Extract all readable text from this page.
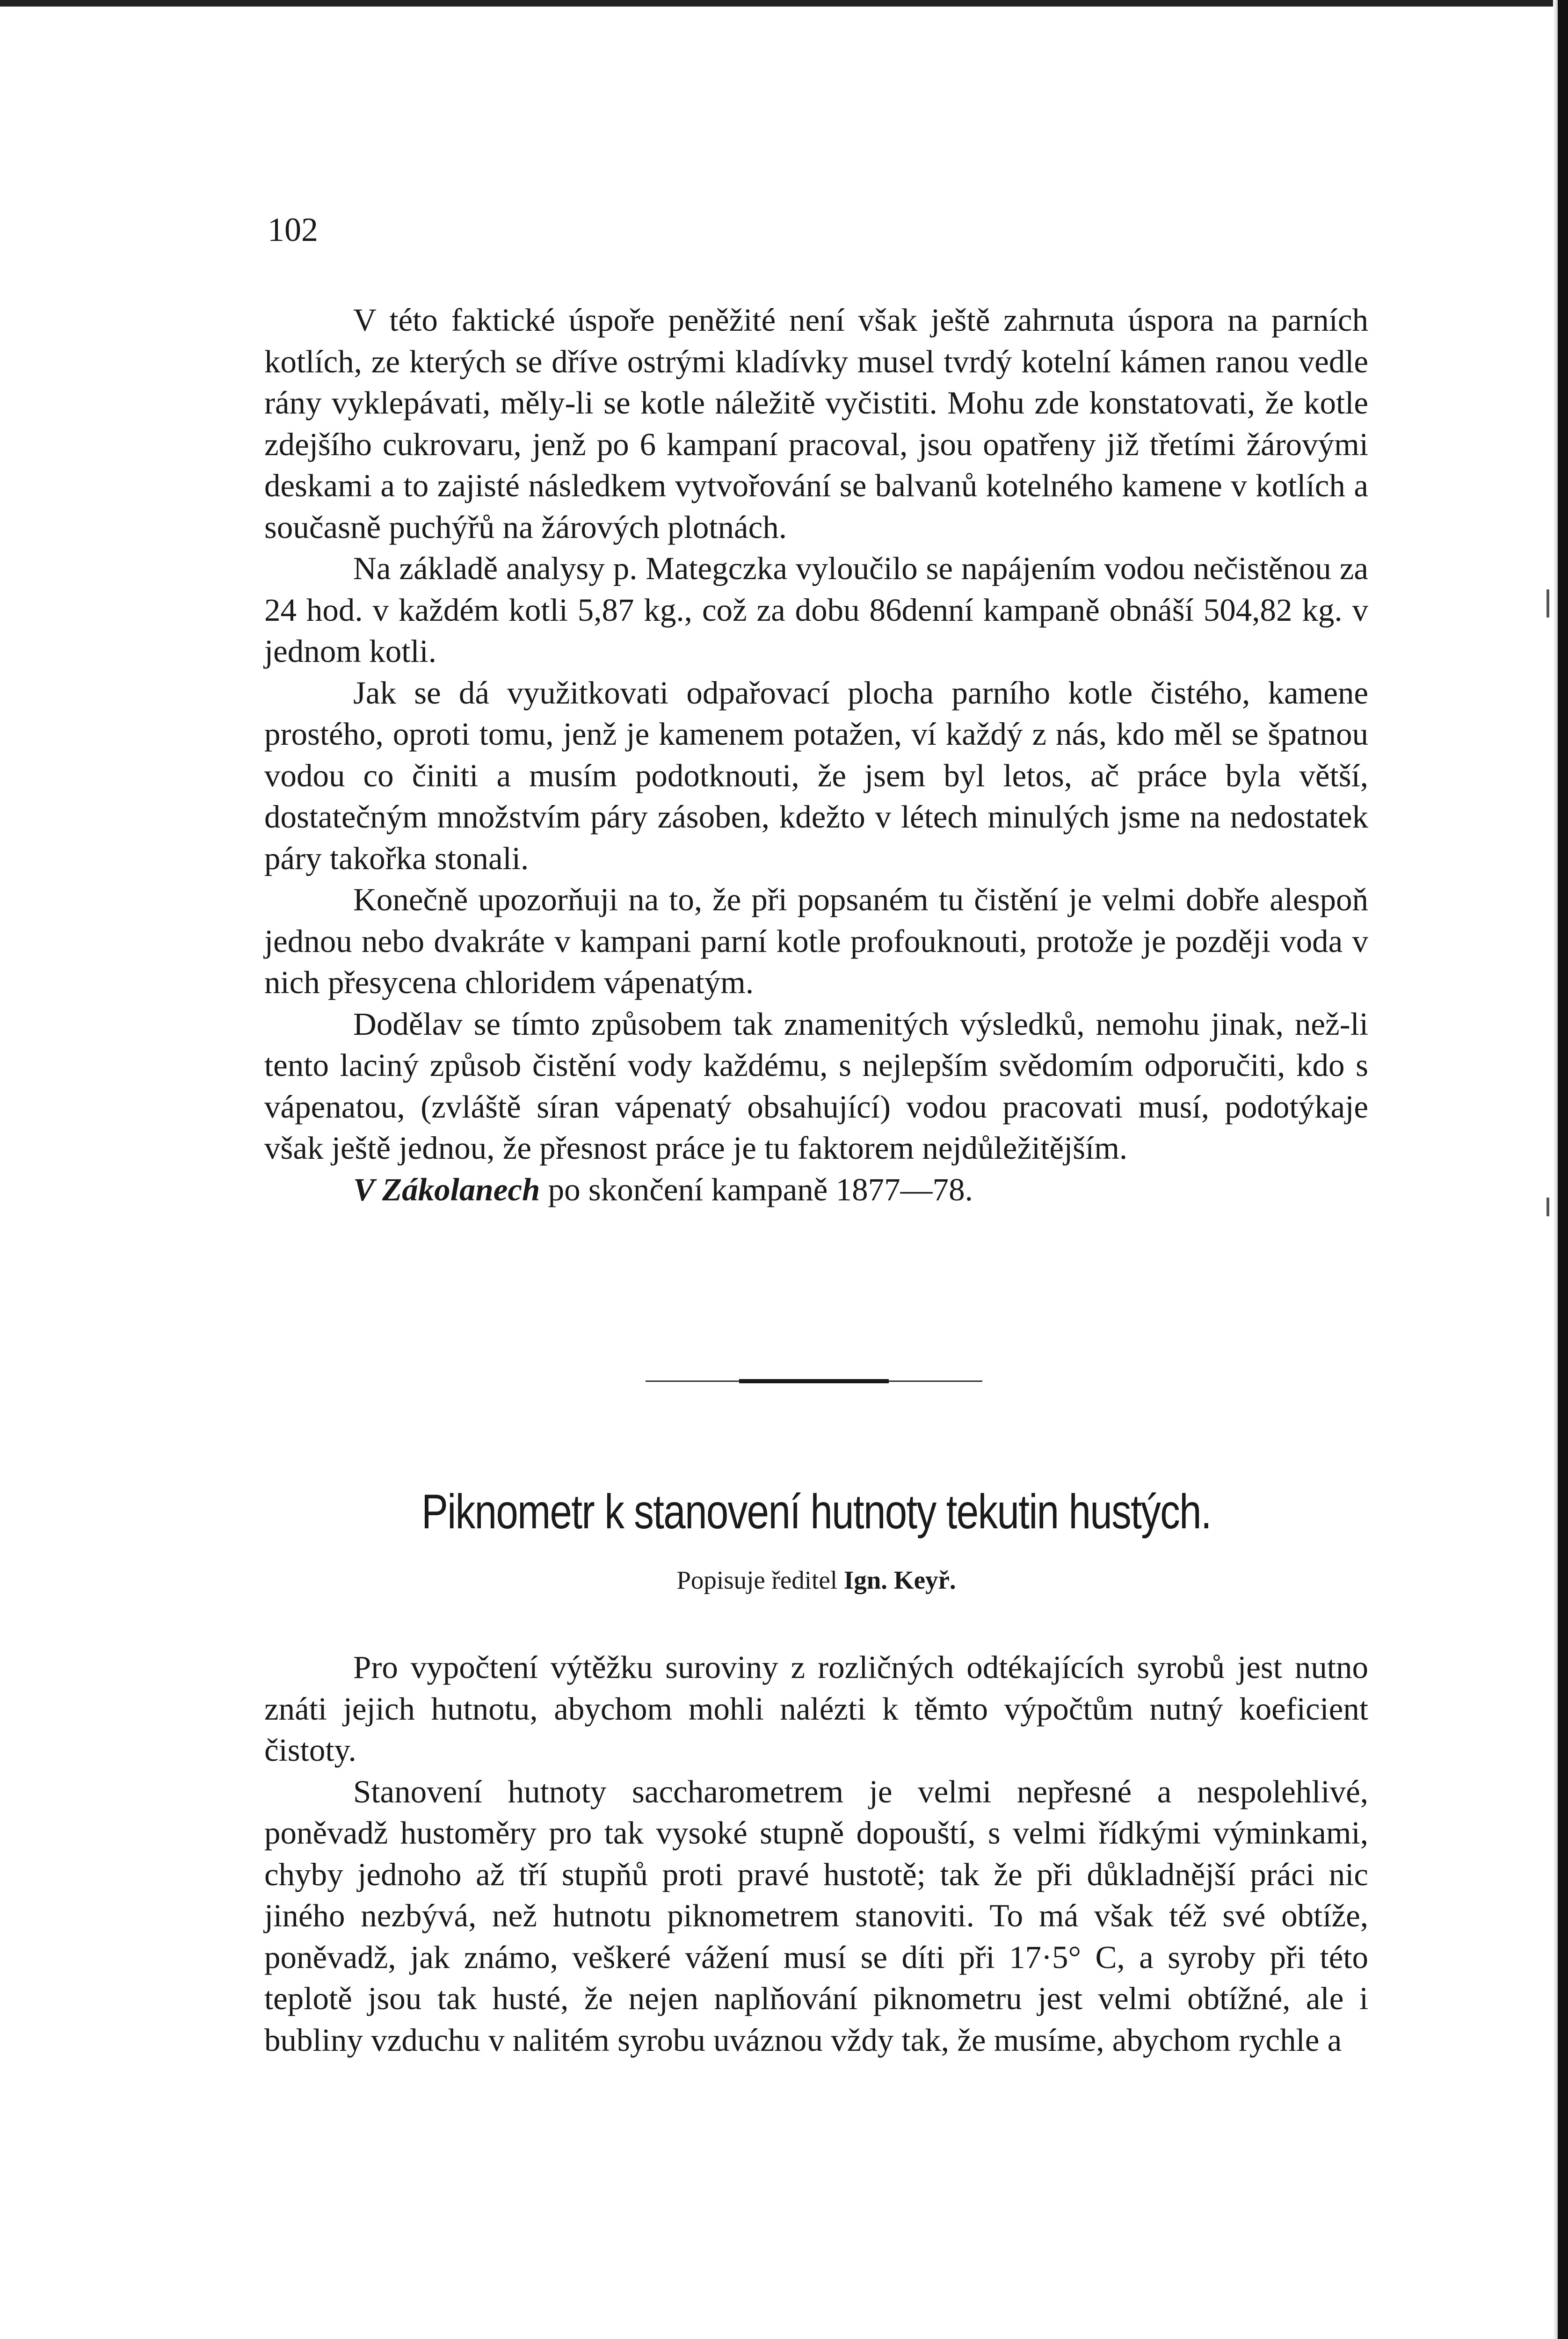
102

V této faktické úspoře peněžité není však ještě zahrnuta úspora na parních kotlích, ze kterých se dříve ostrými kladívky musel tvrdý kotelní kámen ranou vedle rány vyklepávati, měly-li se kotle náležitě vyčistiti. Mohu zde konstatovati, že kotle zdejšího cukrovaru, jenž po 6 kampaní pracoval, jsou opatřeny již třetími žárovými deskami a to zajisté následkem vytvořování se balvanů kotelného kamene v kotlích a současně puchýřů na žárových plotnách.

Na základě analysy p. Mategczka vyloučilo se napájením vodou nečistěnou za 24 hod. v každém kotli 5,87 kg., což za dobu 86denní kampaně obnáší 504,82 kg. v jednom kotli.

Jak se dá využitkovati odpařovací plocha parního kotle čistého, kamene prostého, oproti tomu, jenž je kamenem potažen, ví každý z nás, kdo měl se špatnou vodou co činiti a musím podotknouti, že jsem byl letos, ač práce byla větší, dostatečným množstvím páry zásoben, kdežto v létech minulých jsme na nedostatek páry takořka stonali.

Konečně upozorňuji na to, že při popsaném tu čistění je velmi dobře alespoň jednou nebo dvakráte v kampani parní kotle profouknouti, protože je později voda v nich přesycena chloridem vápenatým.

Dodělav se tímto způsobem tak znamenitých výsledků, nemohu jinak, než-li tento laciný způsob čistění vody každému, s nejlepším svědomím odporučiti, kdo s vápenatou, (zvláště síran vápenatý obsahující) vodou pracovati musí, podotýkaje však ještě jednou, že přesnost práce je tu faktorem nejdůležitějším.

V Zákolanech po skončení kampaně 1877—78.

Piknometr k stanovení hutnoty tekutin hustých.
Popisuje ředitel Ign. Keyř.

Pro vypočtení výtěžku suroviny z rozličných odtékajících syrobů jest nutno znáti jejich hutnotu, abychom mohli nalézti k těmto výpočtům nutný koeficient čistoty.

Stanovení hutnoty saccharometrem je velmi nepřesné a nespolehlivé, poněvadž hustoměry pro tak vysoké stupně dopouští, s velmi řídkými výminkami, chyby jednoho až tří stupňů proti pravé hustotě; tak že při důkladnější práci nic jiného nezbývá, než hutnotu piknometrem stanoviti. To má však též své obtíže, poněvadž, jak známo, veškeré vážení musí se díti při 17·5° C, a syroby při této teplotě jsou tak husté, že nejen naplňování piknometru jest velmi obtížné, ale i bubliny vzduchu v nalitém syrobu uváznou vždy tak, že musíme, abychom rychle a
